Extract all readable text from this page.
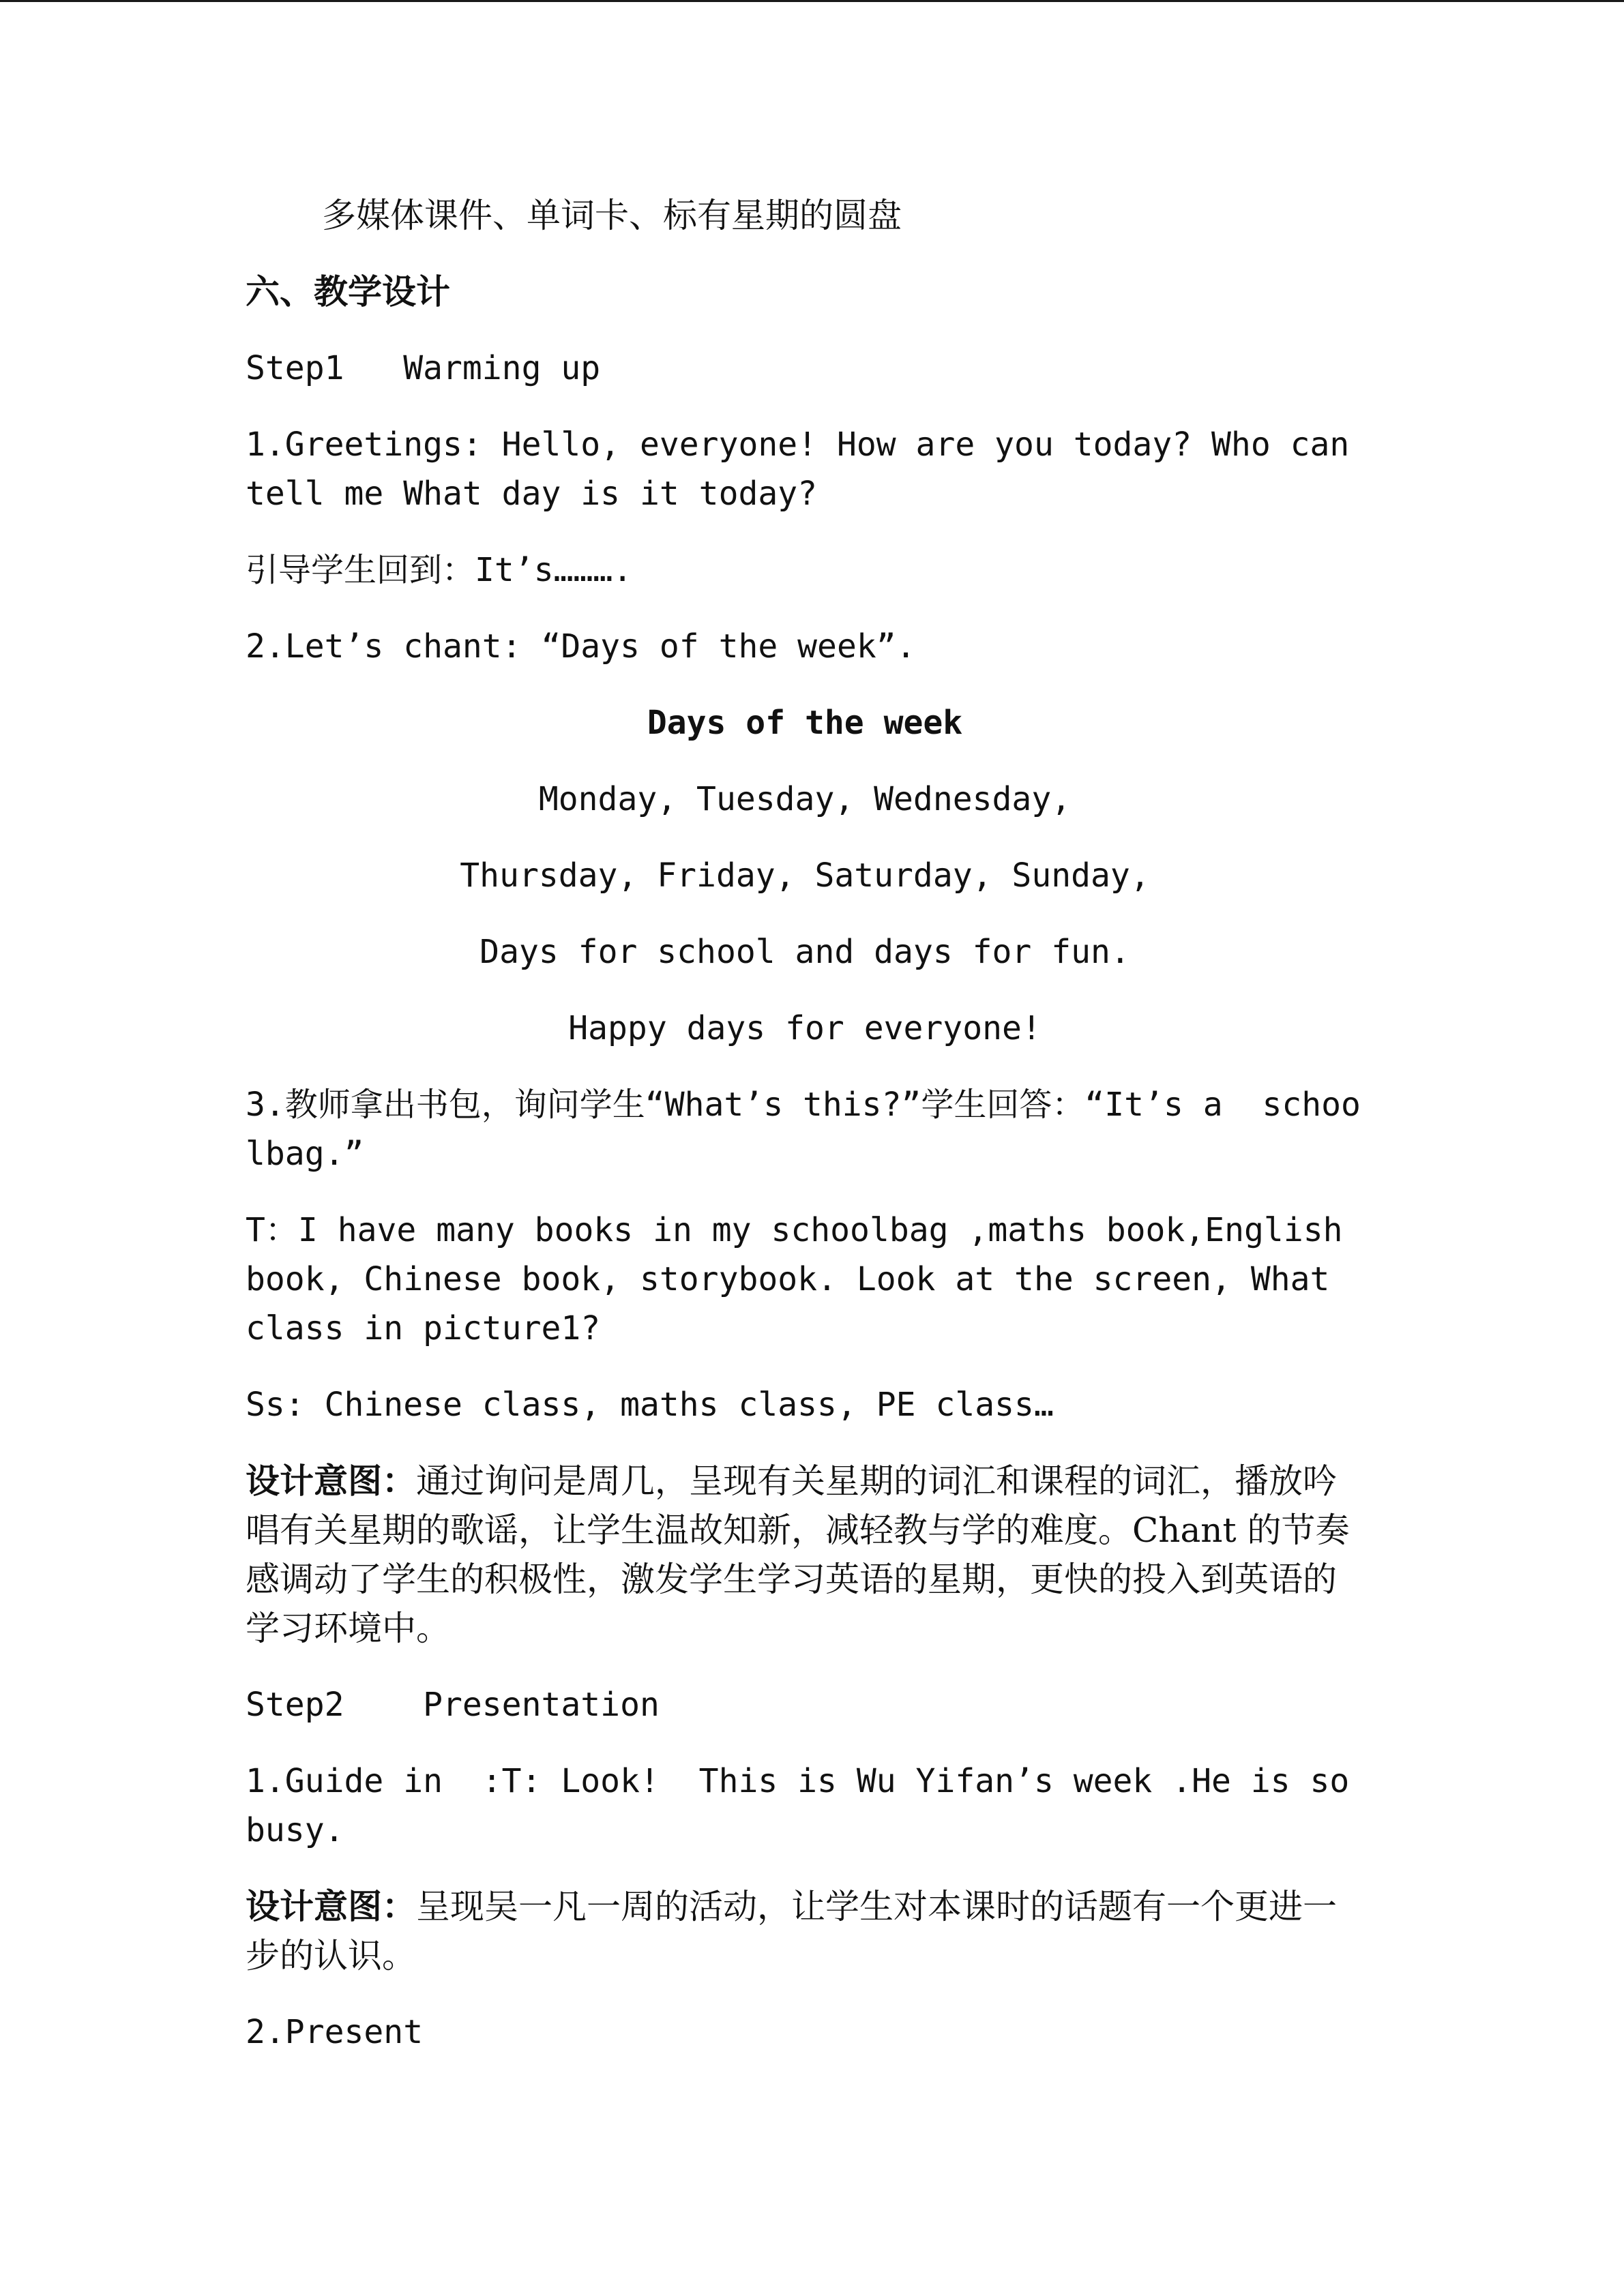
多媒体课件、单词卡、标有星期的圆盘

六、教学设计

Step1   Warming up

1.Greetings: Hello, everyone! How are you today? Who can tell me What day is it today?

引导学生回到：It’s……….

2.Let’s chant: “Days of the week”.

Days of the week

Monday, Tuesday, Wednesday,

Thursday, Friday, Saturday, Sunday,

Days for school and days for fun.

Happy days for everyone!

3.教师拿出书包，询问学生“What’s this?”学生回答：“It’s a  schoolbag.”

T：I have many books in my schoolbag ,maths book,English book, Chinese book, storybook. Look at the screen, What class in picture1?

Ss: Chinese class, maths class, PE class…

设计意图：通过询问是周几，呈现有关星期的词汇和课程的词汇，播放吟唱有关星期的歌谣，让学生温故知新，减轻教与学的难度。Chant 的节奏感调动了学生的积极性，激发学生学习英语的星期，更快的投入到英语的学习环境中。

Step2    Presentation

1.Guide in  :T: Look!  This is Wu Yifan’s week .He is so busy.

设计意图：呈现吴一凡一周的活动，让学生对本课时的话题有一个更进一步的认识。

2.Present
